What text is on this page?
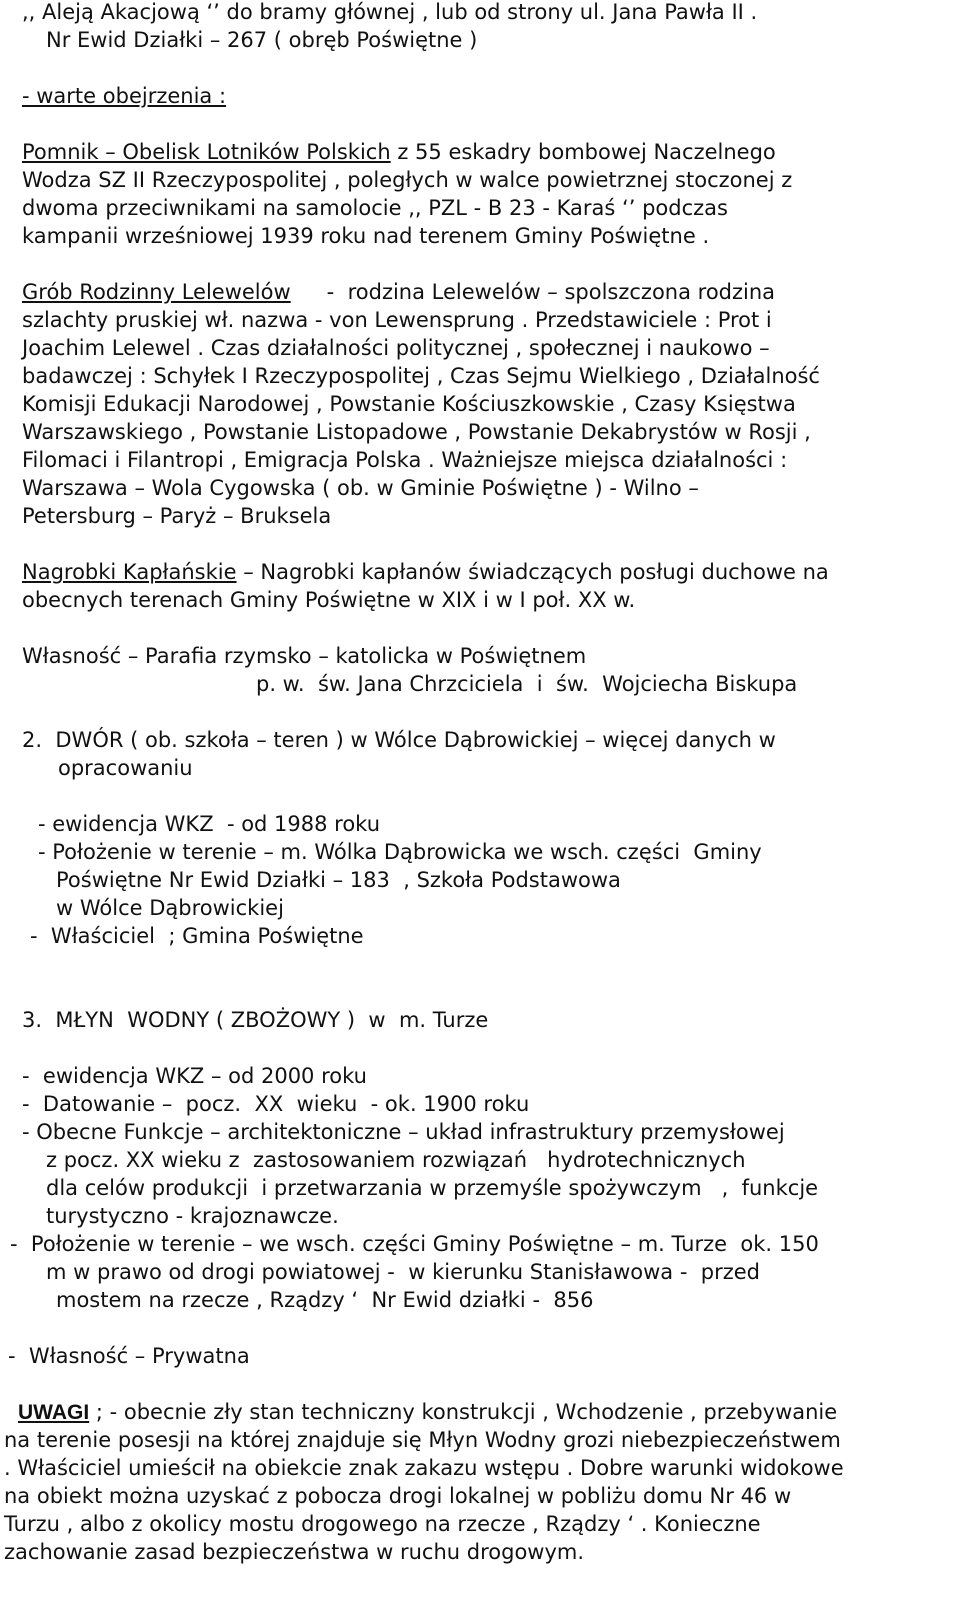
,, Aleją Akacjową ‘’ do bramy głównej , lub od strony ul. Jana Pawła II .
Nr Ewid Działki – 267 ( obręb Poświętne )
- warte obejrzenia :
Pomnik – Obelisk Lotników Polskich z 55 eskadry bombowej Naczelnego
Wodza SZ II Rzeczypospolitej , poległych w walce powietrznej stoczonej z
dwoma przeciwnikami na samolocie ,, PZL - B 23 - Karaś ‘’ podczas
kampanii wrześniowej 1939 roku nad terenem Gminy Poświętne .
Grób Rodzinny Lelewelów -  rodzina Lelewelów – spolszczona rodzina
szlachty pruskiej wł. nazwa - von Lewensprung . Przedstawiciele : Prot i
Joachim Lelewel . Czas działalności politycznej , społecznej i naukowo –
badawczej : Schyłek I Rzeczypospolitej , Czas Sejmu Wielkiego , Działalność
Komisji Edukacji Narodowej , Powstanie Kościuszkowskie , Czasy Księstwa
Warszawskiego , Powstanie Listopadowe , Powstanie Dekabrystów w Rosji ,
Filomaci i Filantropi , Emigracja Polska . Ważniejsze miejsca działalności :
Warszawa – Wola Cygowska ( ob. w Gminie Poświętne ) - Wilno –
Petersburg – Paryż – Bruksela
Nagrobki Kapłańskie – Nagrobki kapłanów świadczących posługi duchowe na
obecnych terenach Gminy Poświętne w XIX i w I poł. XX w.
Własność – Parafia rzymsko – katolicka w Poświętnem
p. w.  św. Jana Chrzciciela  i  św.  Wojciecha Biskupa
2.  DWÓR ( ob. szkoła – teren ) w Wólce Dąbrowickiej – więcej danych w
opracowaniu
- ewidencja WKZ  - od 1988 roku
- Położenie w terenie – m. Wólka Dąbrowicka we wsch. części  Gminy
Poświętne Nr Ewid Działki – 183  , Szkoła Podstawowa
w Wólce Dąbrowickiej
-  Właściciel  ; Gmina Poświętne
3.  MŁYN  WODNY ( ZBOŻOWY )  w  m. Turze
-  ewidencja WKZ – od 2000 roku
-  Datowanie –  pocz.  XX  wieku  - ok. 1900 roku
- Obecne Funkcje – architektoniczne – układ infrastruktury przemysłowej
z pocz. XX wieku z  zastosowaniem rozwiązań   hydrotechnicznych
dla celów produkcji  i przetwarzania w przemyśle spożywczym   ,  funkcje
turystyczno - krajoznawcze.
-  Położenie w terenie – we wsch. części Gminy Poświętne – m. Turze  ok. 150
m w prawo od drogi powiatowej -  w kierunku Stanisławowa -  przed
mostem na rzecze , Rządzy ‘  Nr Ewid działki -  856
-  Własność – Prywatna
UWAGI ; - obecnie zły stan techniczny konstrukcji , Wchodzenie , przebywanie
na terenie posesji na której znajduje się Młyn Wodny grozi niebezpieczeństwem
. Właściciel umieścił na obiekcie znak zakazu wstępu . Dobre warunki widokowe
na obiekt można uzyskać z pobocza drogi lokalnej w pobliżu domu Nr 46 w
Turzu , albo z okolicy mostu drogowego na rzecze , Rządzy ‘ . Konieczne
zachowanie zasad bezpieczeństwa w ruchu drogowym.
